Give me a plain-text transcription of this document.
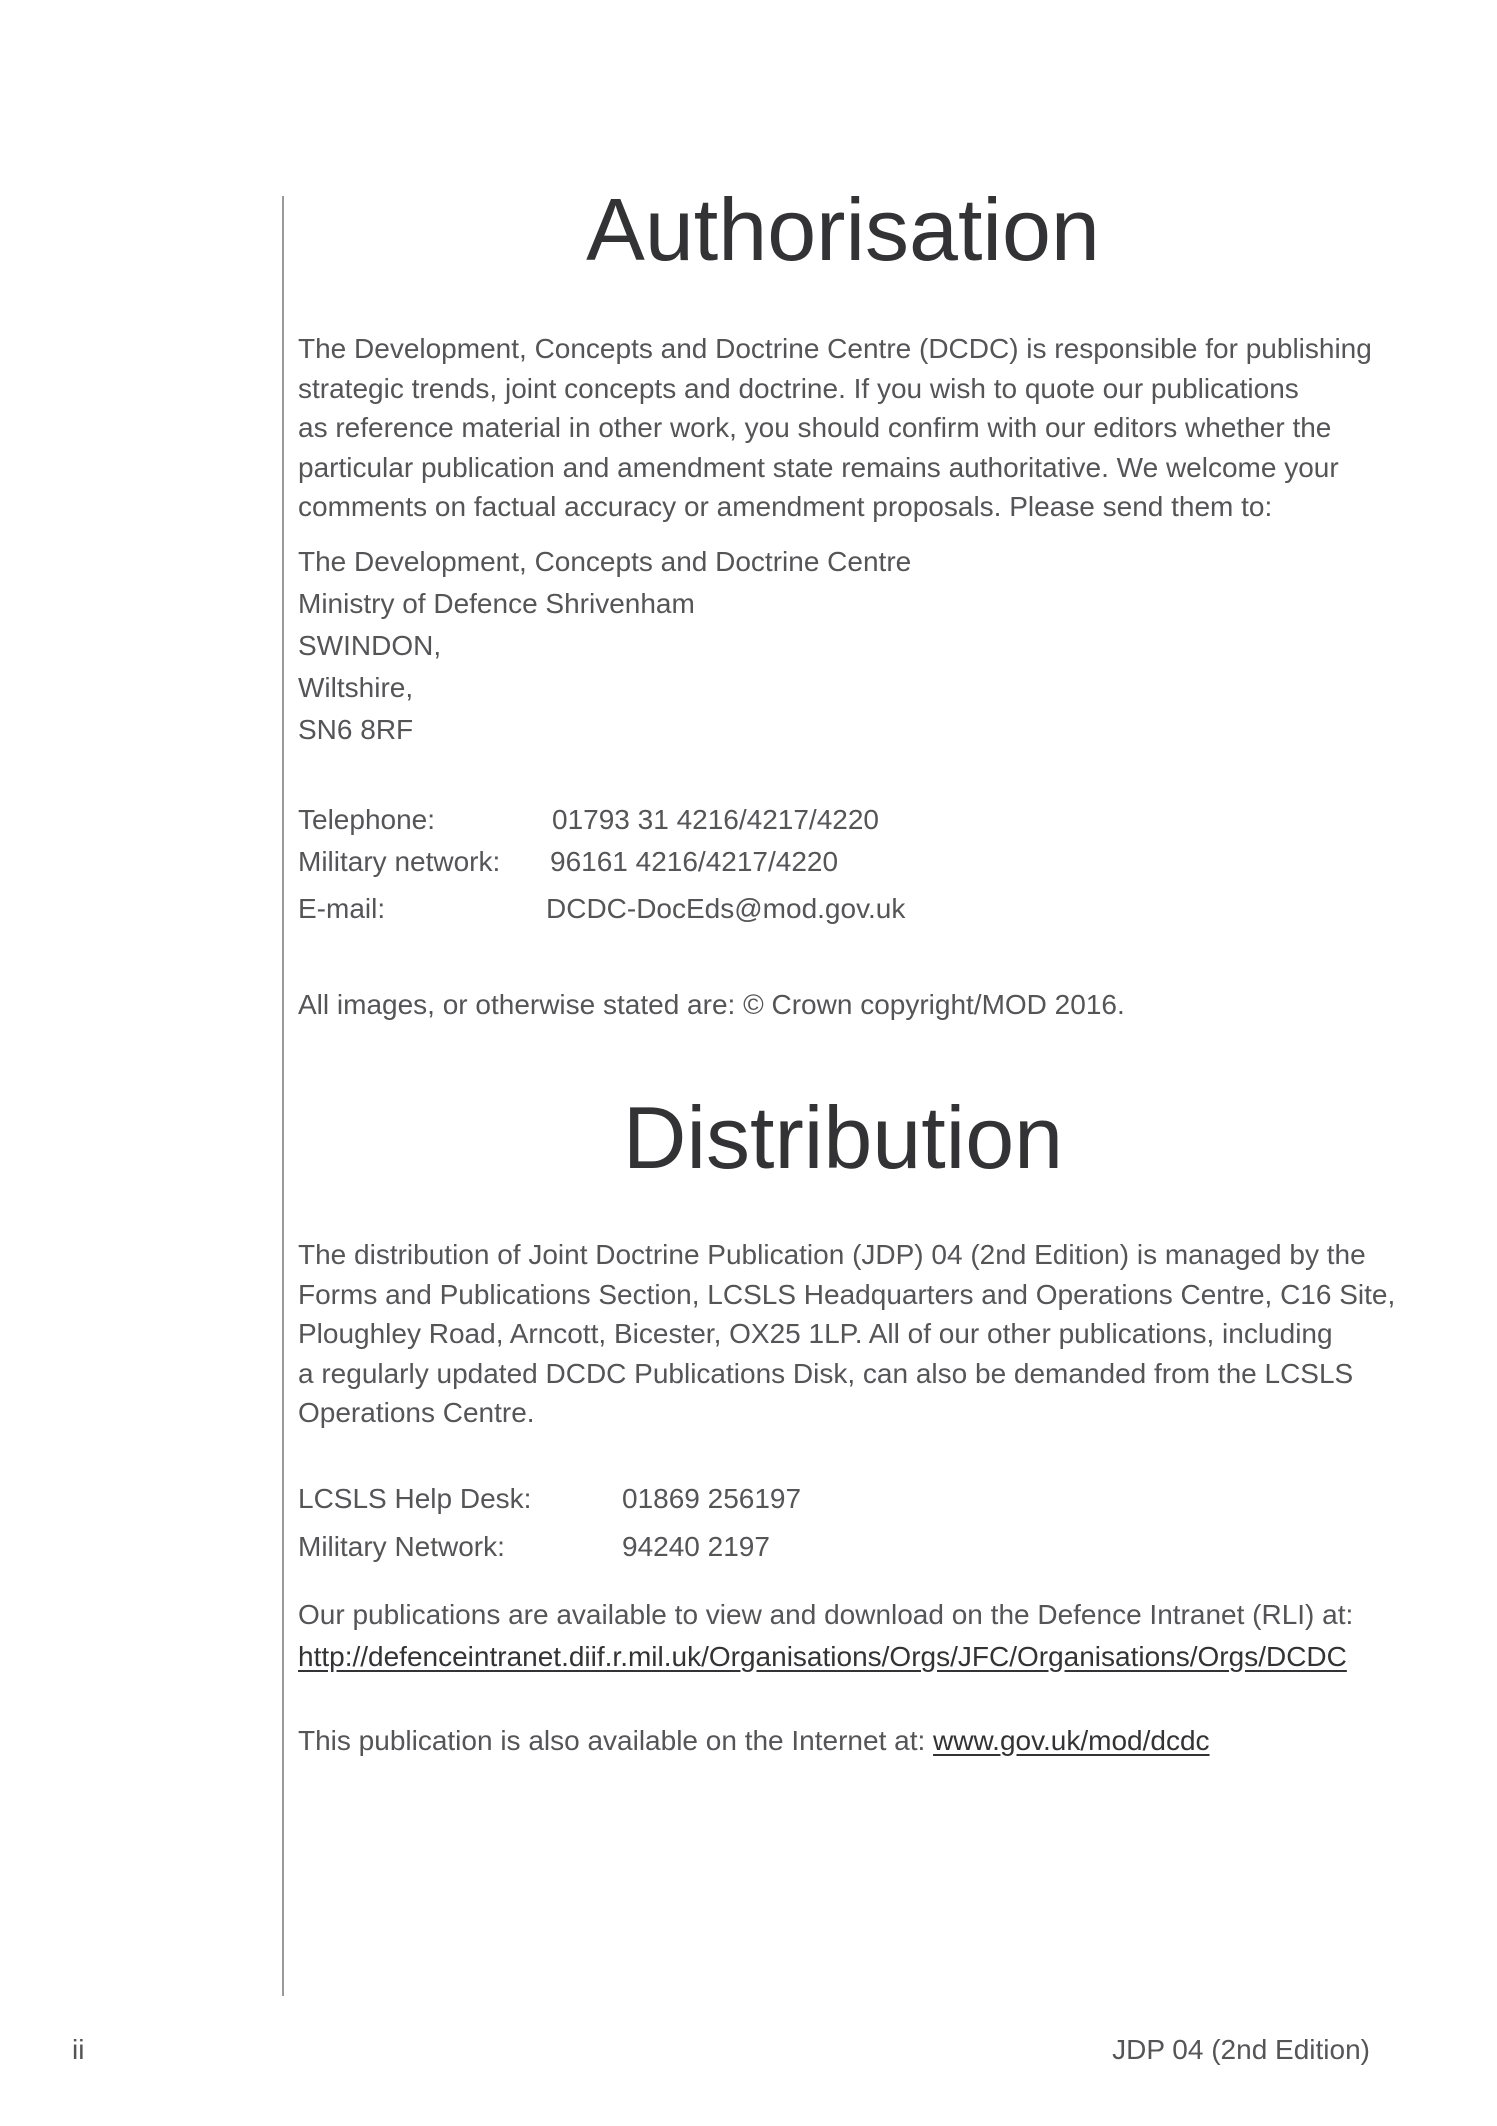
Authorisation

The Development, Concepts and Doctrine Centre (DCDC) is responsible for publishing
strategic trends, joint concepts and doctrine. If you wish to quote our publications
as reference material in other work, you should confirm with our editors whether the
particular publication and amendment state remains authoritative. We welcome your
comments on factual accuracy or amendment proposals. Please send them to:

The Development, Concepts and Doctrine Centre
Ministry of Defence Shrivenham
SWINDON,
Wiltshire,
SN6 8RF
Telephone:	01793 31 4216/4217/4220
Military network: 96161 4216/4217/4220
E-mail:	DCDC-DocEds@mod.gov.uk
All images, or otherwise stated are: © Crown copyright/MOD 2016.
Distribution

The distribution of Joint Doctrine Publication (JDP) 04 (2nd Edition) is managed by the
Forms and Publications Section, LCSLS Headquarters and Operations Centre, C16 Site,
Ploughley Road, Arncott, Bicester, OX25 1LP. All of our other publications, including
a regularly updated DCDC Publications Disk, can also be demanded from the LCSLS
Operations Centre.

LCSLS Help Desk:	01869 256197
Military Network:	94240 2197
Our publications are available to view and download on the Defence Intranet (RLI) at:
http://defenceintranet.diif.r.mil.uk/Organisations/Orgs/JFC/Organisations/Orgs/DCDC
This publication is also available on the Internet at: www.gov.uk/mod/dcdc
ii	JDP 04 (2nd Edition)
